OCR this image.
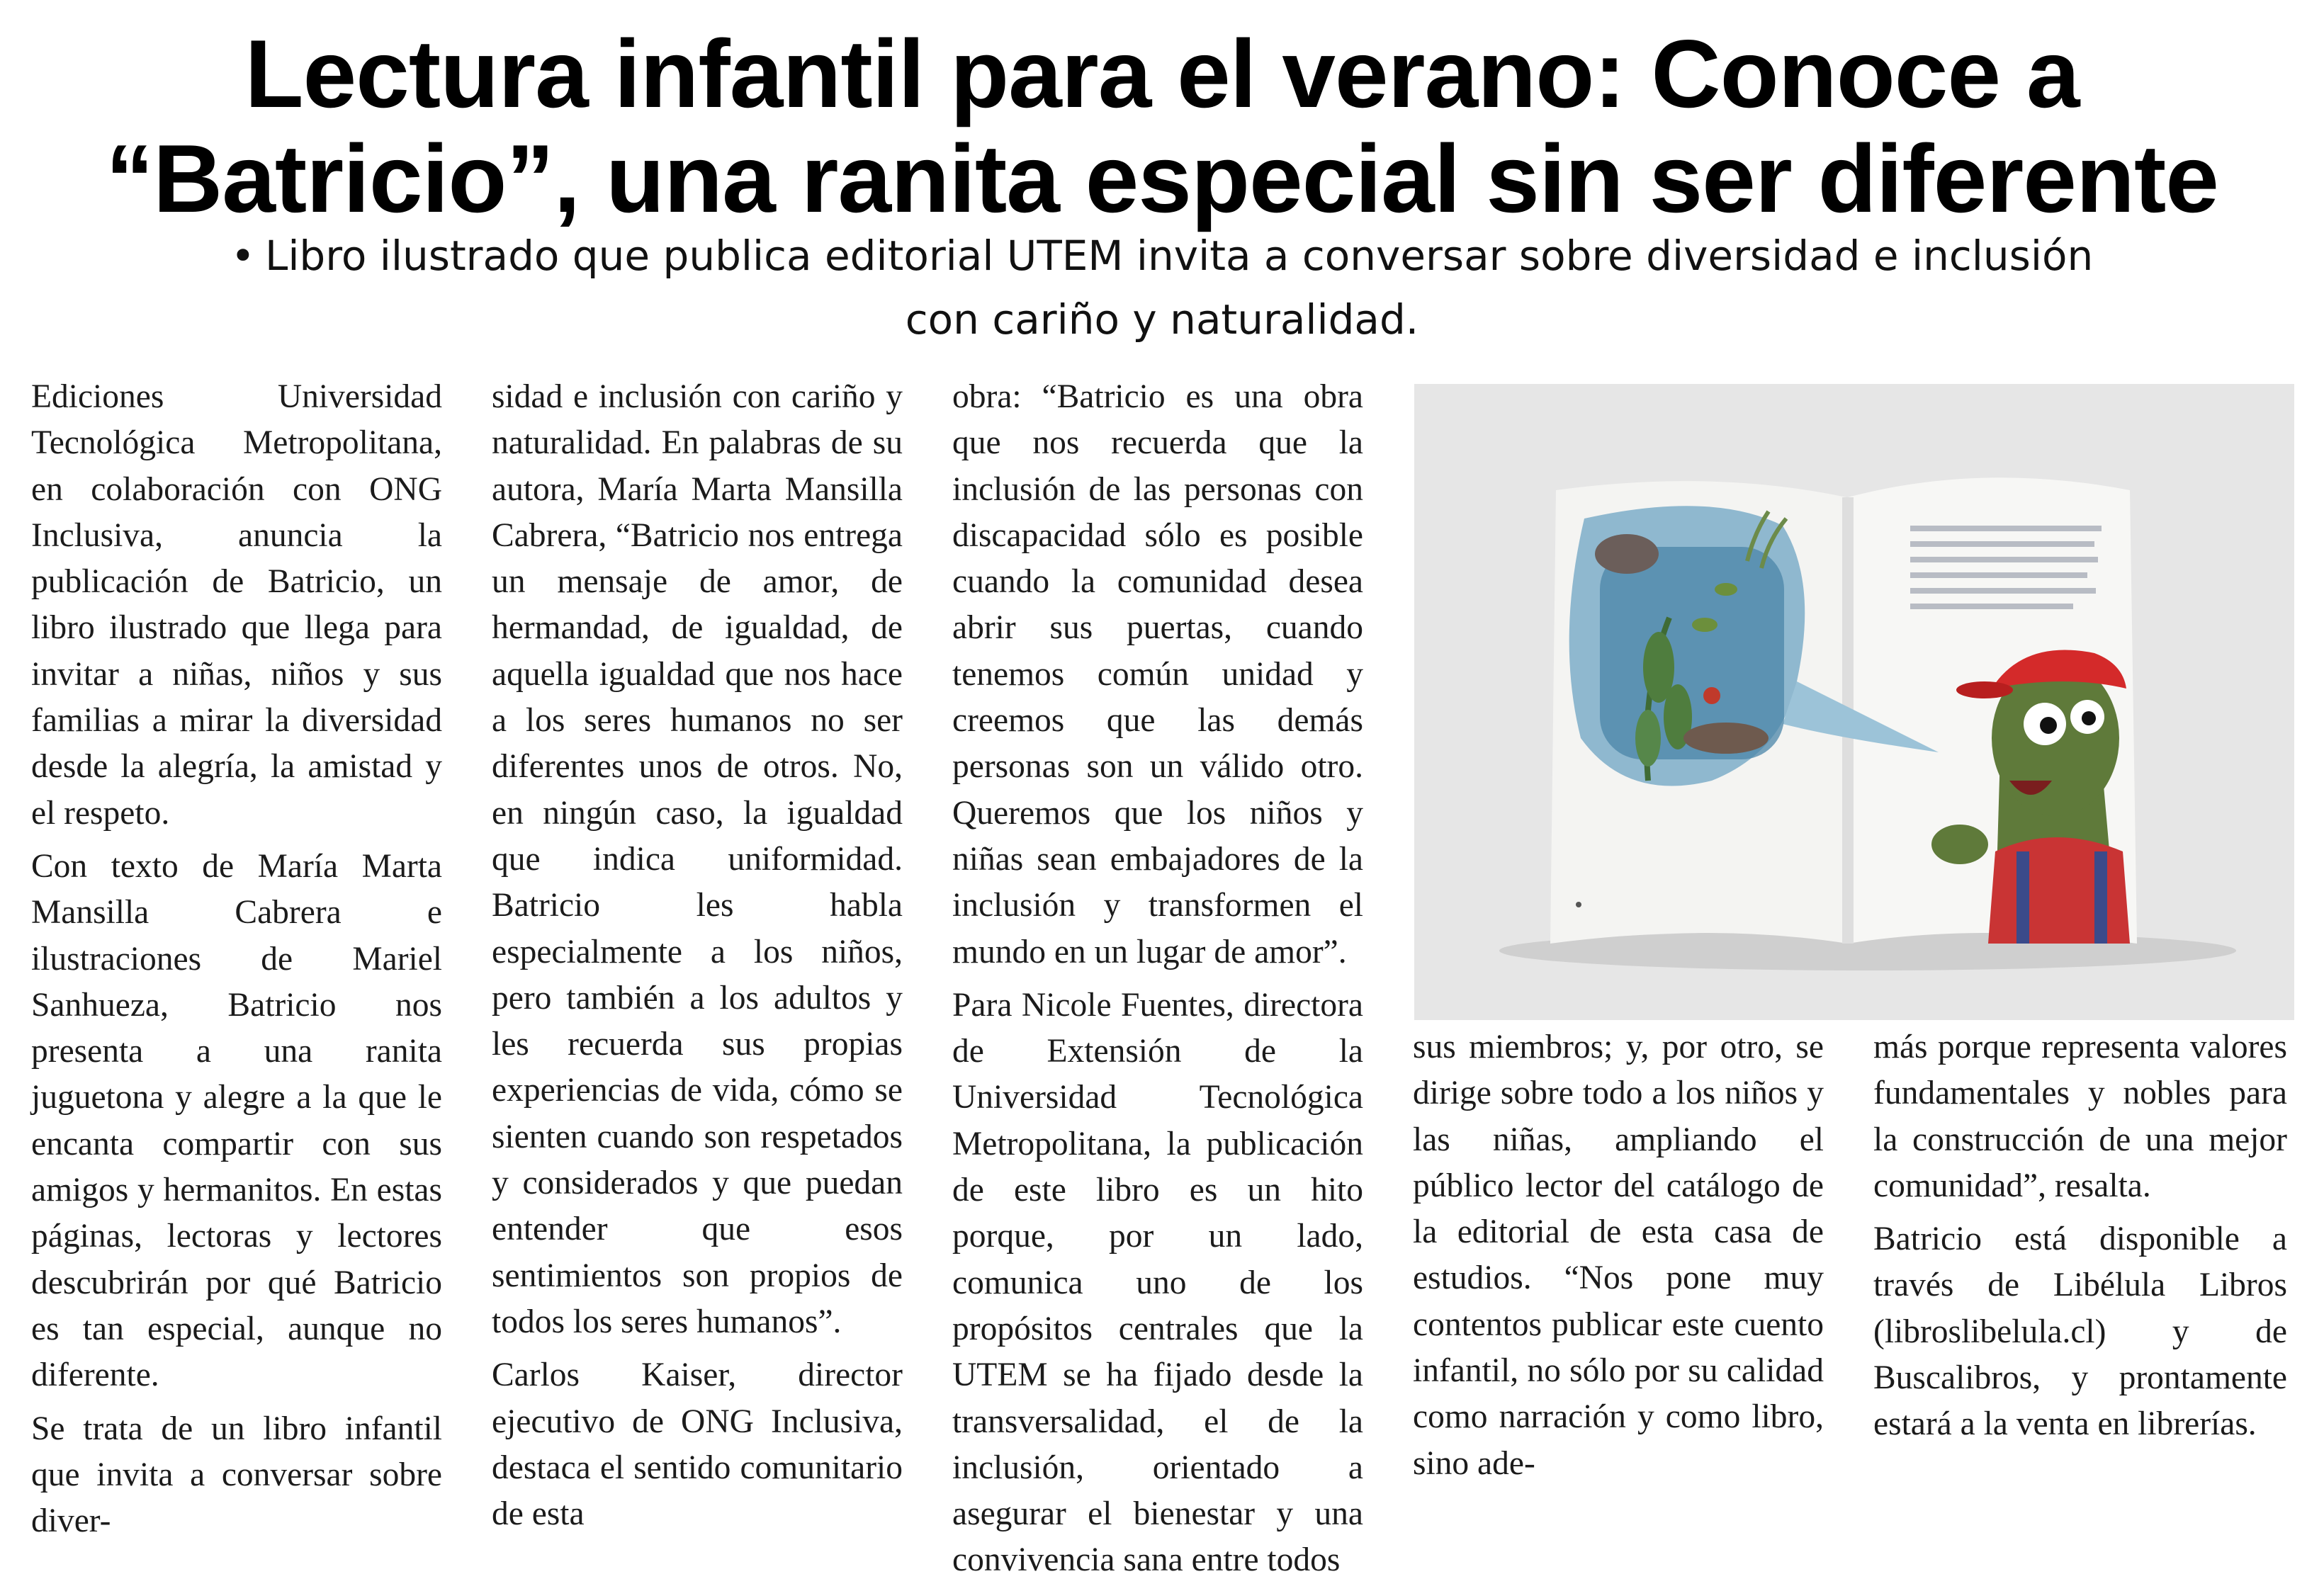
Lectura infantil para el verano: Conoce a “Batricio”, una ranita especial sin ser diferente

• Libro ilustrado que publica editorial UTEM invita a conversar sobre diversidad e inclusión con cariño y naturalidad.

Ediciones Universidad Tecnológica Metropolitana, en colaboración con ONG Inclusiva, anuncia la publicación de Batricio, un libro ilustrado que llega para invitar a niñas, niños y sus familias a mirar la diversidad desde la alegría, la amistad y el respeto.

Con texto de María Marta Mansilla Cabrera e ilustraciones de Mariel Sanhueza, Batricio nos presenta a una ranita juguetona y alegre a la que le encanta compartir con sus amigos y hermanitos. En estas páginas, lectoras y lectores descubrirán por qué Batricio es tan especial, aunque no diferente.

Se trata de un libro infantil que invita a conversar sobre diver-

sidad e inclusión con cariño y naturalidad. En palabras de su autora, María Marta Mansilla Cabrera, “Batricio nos entrega un mensaje de amor, de hermandad, de igualdad, de aquella igualdad que nos hace a los seres humanos no ser diferentes unos de otros. No, en ningún caso, la igualdad que indica uniformidad. Batricio les habla especialmente a los niños, pero también a los adultos y les recuerda sus propias experiencias de vida, cómo se sienten cuando son respetados y considerados y que puedan entender que esos sentimientos son propios de todos los seres humanos”.

Carlos Kaiser, director ejecutivo de ONG Inclusiva, destaca el sentido comunitario de esta

obra: “Batricio es una obra que nos recuerda que la inclusión de las personas con discapacidad sólo es posible cuando la comunidad desea abrir sus puertas, cuando tenemos común unidad y creemos que las demás personas son un válido otro. Queremos que los niños y niñas sean embajadores de la inclusión y transformen el mundo en un lugar de amor”.

Para Nicole Fuentes, directora de Extensión de la Universidad Tecnológica Metropolitana, la publicación de este libro es un hito porque, por un lado, comunica uno de los propósitos centrales que la UTEM se ha fijado desde la transversalidad, el de la inclusión, orientado a asegurar el bienestar y una convivencia sana entre todos

sus miembros; y, por otro, se dirige sobre todo a los niños y las niñas, ampliando el público lector del catálogo de la editorial de esta casa de estudios. “Nos pone muy contentos publicar este cuento infantil, no sólo por su calidad como narración y como libro, sino ade-

más porque representa valores fundamentales y nobles para la construcción de una mejor comunidad”, resalta.

Batricio está disponible a través de Libélula Libros (libroslibelula.cl) y de Buscalibros, y prontamente estará a la venta en librerías.
